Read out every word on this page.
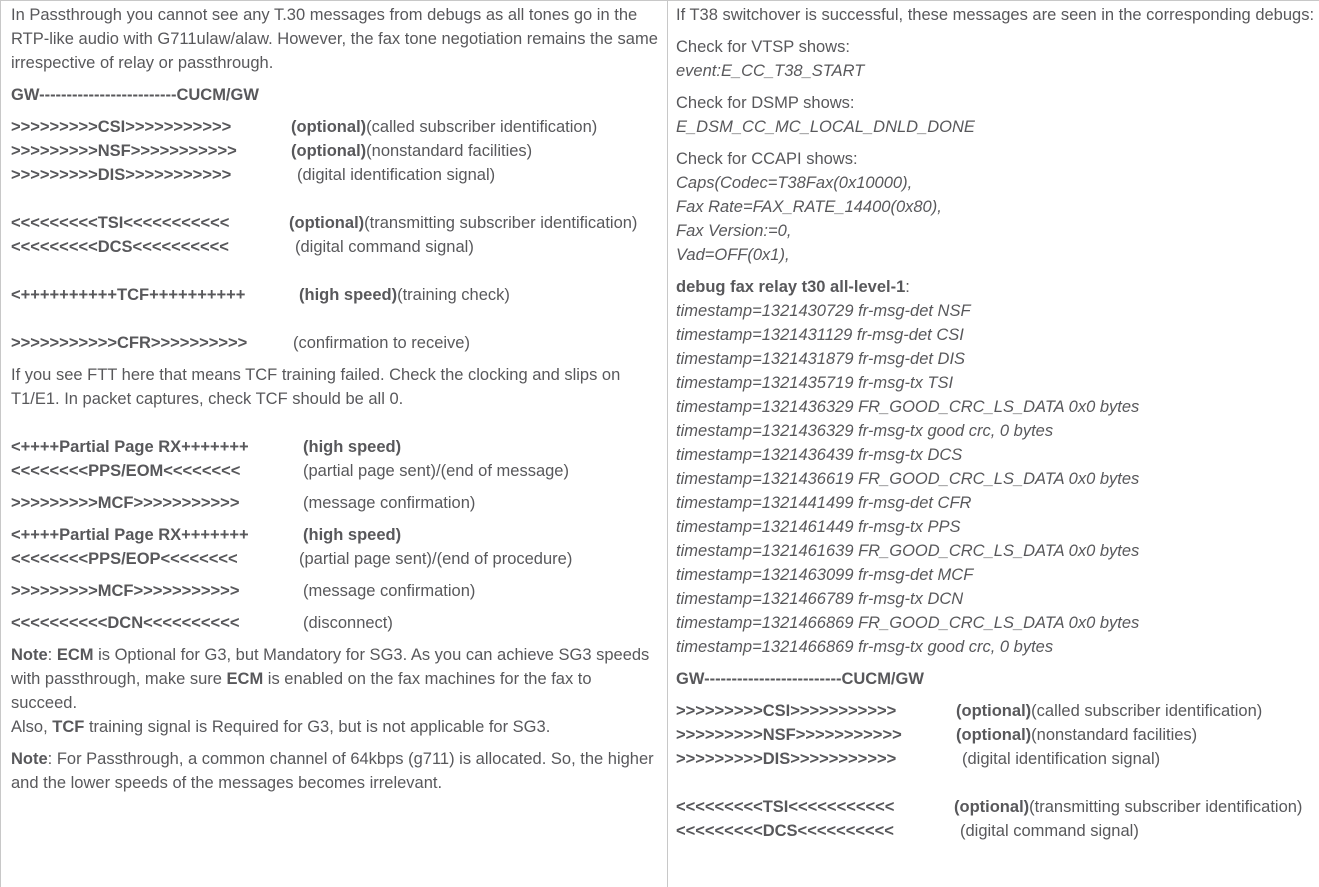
In Passthrough you cannot see any T.30 messages from debugs as all tones go in the RTP-like audio with G711ulaw/alaw. However, the fax tone negotiation remains the same irrespective of relay or passthrough.

GW-------------------------CUCM/GW
>>>>>>>>>CSI>>>>>>>>>>>	(optional)(called subscriber identification)
>>>>>>>>>NSF>>>>>>>>>>>	(optional)(nonstandard facilities)
>>>>>>>>>DIS>>>>>>>>>>>	(digital identification signal)
<<<<<<<<<TSI<<<<<<<<<<<	(optional)(transmitting subscriber identification)
<<<<<<<<<DCS<<<<<<<<<<	(digital command signal)
<++++++++++TCF++++++++++	(high speed)(training check)
>>>>>>>>>>>CFR>>>>>>>>>>	(confirmation to receive)

If you see FTT here that means TCF training failed. Check the clocking and slips on T1/E1. In packet captures, check TCF should be all 0.

<++++Partial Page RX+++++++	(high speed)
<<<<<<<<PPS/EOM<<<<<<<<	(partial page sent)/(end of message)
>>>>>>>>>MCF>>>>>>>>>>>	(message confirmation)
<++++Partial Page RX+++++++	(high speed)
<<<<<<<<PPS/EOP<<<<<<<<	(partial page sent)/(end of procedure)
>>>>>>>>>MCF>>>>>>>>>>>	(message confirmation)
<<<<<<<<<<DCN<<<<<<<<<<	(disconnect)

Note: ECM is Optional for G3, but Mandatory for SG3. As you can achieve SG3 speeds with passthrough, make sure ECM is enabled on the fax machines for the fax to succeed.
Also, TCF training signal is Required for G3, but is not applicable for SG3.

Note: For Passthrough, a common channel of 64kbps (g711) is allocated. So, the higher and the lower speeds of the messages becomes irrelevant.

If T38 switchover is successful, these messages are seen in the corresponding debugs:

Check for VTSP shows:
event:E_CC_T38_START

Check for DSMP shows:
E_DSM_CC_MC_LOCAL_DNLD_DONE

Check for CCAPI shows:
Caps(Codec=T38Fax(0x10000),
Fax Rate=FAX_RATE_14400(0x80),
Fax Version:=0,
Vad=OFF(0x1),

debug fax relay t30 all-level-1:
timestamp=1321430729 fr-msg-det NSF
timestamp=1321431129 fr-msg-det CSI
timestamp=1321431879 fr-msg-det DIS
timestamp=1321435719 fr-msg-tx TSI
timestamp=1321436329 FR_GOOD_CRC_LS_DATA 0x0 bytes
timestamp=1321436329 fr-msg-tx good crc, 0 bytes
timestamp=1321436439 fr-msg-tx DCS
timestamp=1321436619 FR_GOOD_CRC_LS_DATA 0x0 bytes
timestamp=1321441499 fr-msg-det CFR
timestamp=1321461449 fr-msg-tx PPS
timestamp=1321461639 FR_GOOD_CRC_LS_DATA 0x0 bytes
timestamp=1321463099 fr-msg-det MCF
timestamp=1321466789 fr-msg-tx DCN
timestamp=1321466869 FR_GOOD_CRC_LS_DATA 0x0 bytes
timestamp=1321466869 fr-msg-tx good crc, 0 bytes

GW-------------------------CUCM/GW
>>>>>>>>>CSI>>>>>>>>>>>	(optional)(called subscriber identification)
>>>>>>>>>NSF>>>>>>>>>>>	(optional)(nonstandard facilities)
>>>>>>>>>DIS>>>>>>>>>>>	(digital identification signal)
<<<<<<<<<TSI<<<<<<<<<<<	(optional)(transmitting subscriber identification)
<<<<<<<<<DCS<<<<<<<<<<	(digital command signal)
